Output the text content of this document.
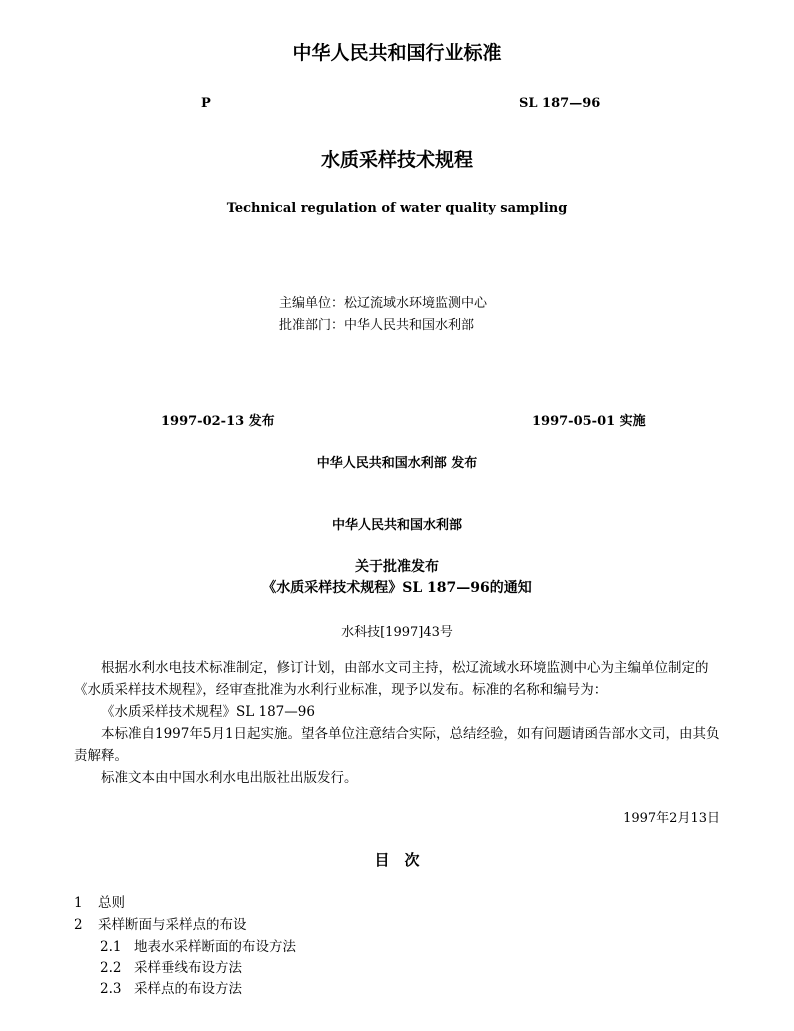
中华人民共和国行业标准
P	SL 187—96
水质采样技术规程
Technical regulation of water quality sampling
主编单位：松辽流域水环境监测中心
批准部门：中华人民共和国水利部
1997-02-13 发布	1997-05-01 实施
中华人民共和国水利部 发布
中华人民共和国水利部
关于批准发布
《水质采样技术规程》SL 187—96的通知
水科技[1997]43号
根据水利水电技术标准制定，修订计划，由部水文司主持，松辽流域水环境监测中心为主编单位制定的《水质采样技术规程》，经审查批准为水利行业标准，现予以发布。标准的名称和编号为：
《水质采样技术规程》SL 187—96
本标准自1997年5月1日起实施。望各单位注意结合实际，总结经验，如有问题请函告部水文司，由其负责解释。
标准文本由中国水利水电出版社出版发行。
1997年2月13日
目　次
1 总则
2 采样断面与采样点的布设
2.1 地表水采样断面的布设方法
2.2 采样垂线布设方法
2.3 采样点的布设方法
